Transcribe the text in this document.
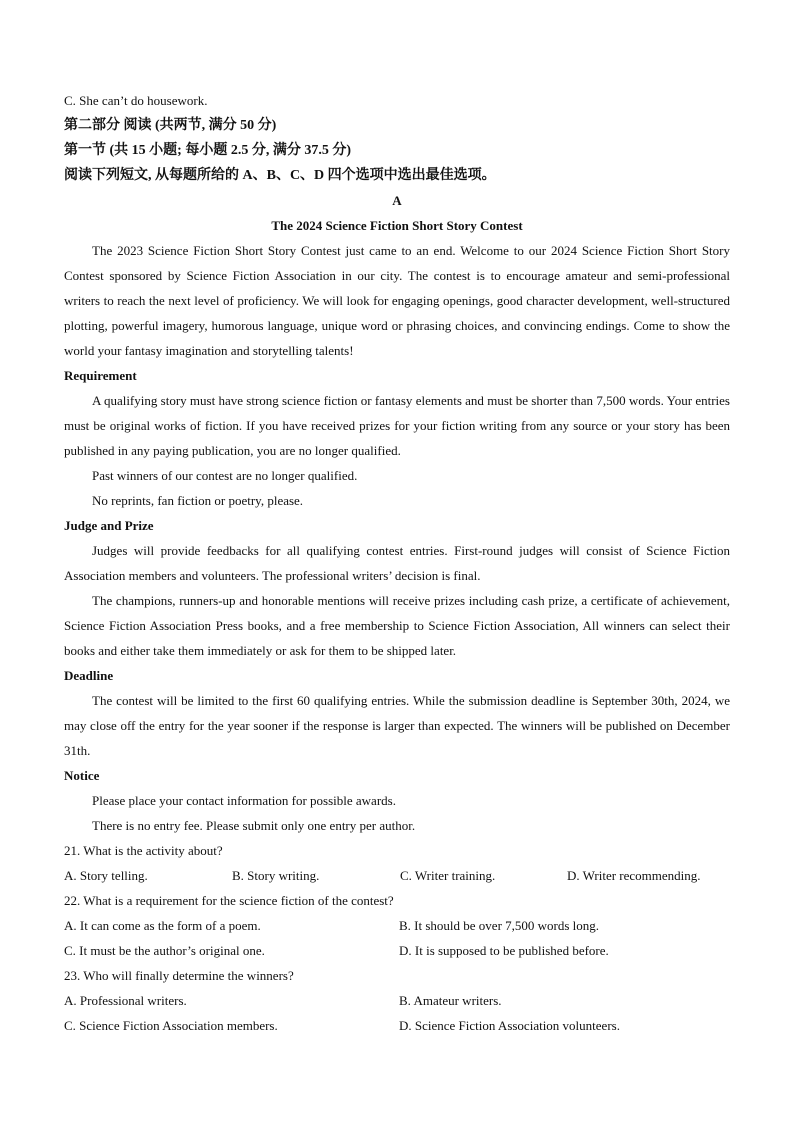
C. She can’t do housework.

第二部分 阅读 (共两节, 满分 50 分)

第一节 (共 15 小题; 每小题 2.5 分, 满分 37.5 分)

阅读下列短文, 从每题所给的 A、B、C、D 四个选项中选出最佳选项。

A

The 2024 Science Fiction Short Story Contest

The 2023 Science Fiction Short Story Contest just came to an end. Welcome to our 2024 Science Fiction Short Story Contest sponsored by Science Fiction Association in our city. The contest is to encourage amateur and semi-professional writers to reach the next level of proficiency. We will look for engaging openings, good character development, well-structured plotting, powerful imagery, humorous language, unique word or phrasing choices, and convincing endings. Come to show the world your fantasy imagination and storytelling talents!

Requirement

A qualifying story must have strong science fiction or fantasy elements and must be shorter than 7,500 words. Your entries must be original works of fiction. If you have received prizes for your fiction writing from any source or your story has been published in any paying publication, you are no longer qualified.

Past winners of our contest are no longer qualified.

No reprints, fan fiction or poetry, please.

Judge and Prize

Judges will provide feedbacks for all qualifying contest entries. First-round judges will consist of Science Fiction Association members and volunteers. The professional writers’ decision is final.

The champions, runners-up and honorable mentions will receive prizes including cash prize, a certificate of achievement, Science Fiction Association Press books, and a free membership to Science Fiction Association, All winners can select their books and either take them immediately or ask for them to be shipped later.

Deadline

The contest will be limited to the first 60 qualifying entries. While the submission deadline is September 30th, 2024, we may close off the entry for the year sooner if the response is larger than expected. The winners will be published on December 31th.

Notice

Please place your contact information for possible awards.

There is no entry fee. Please submit only one entry per author.

21. What is the activity about?

A. Story telling.	B. Story writing.	C. Writer training.	D. Writer recommending.

22. What is a requirement for the science fiction of the contest?

A. It can come as the form of a poem.	B. It should be over 7,500 words long.
C. It must be the author’s original one.	D. It is supposed to be published before.

23. Who will finally determine the winners?

A. Professional writers.	B. Amateur writers.
C. Science Fiction Association members.	D. Science Fiction Association volunteers.
